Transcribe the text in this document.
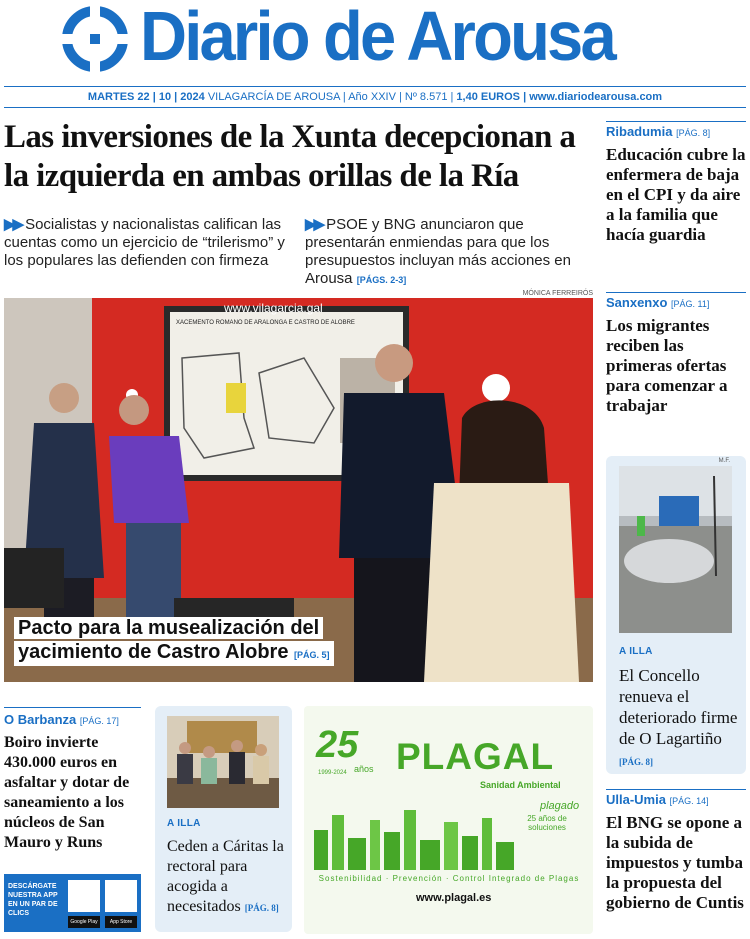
Diario de Arousa
MARTES 22 | 10 | 2024 VILAGARCÍA DE AROUSA | Año XXIV | Nº 8.571 | 1,40 EUROS | www.diariodearousa.com
Las inversiones de la Xunta decepcionan a la izquierda en ambas orillas de la Ría
▶▶ Socialistas y nacionalistas califican las cuentas como un ejercicio de “trilerismo” y los populares las defienden con firmeza
▶▶ PSOE y BNG anunciaron que presentarán enmiendas para que los presupuestos incluyan más acciones en Arousa [PÁGS. 2-3]
MÓNICA FERREIRÓS
www.vilagarcia.gal
XACEMENTO ROMANO DE ARALONGA E CASTRO DE ALOBRE
Pacto para la musealización del
yacimiento de Castro Alobre [PÁG. 5]
Ribadumia [PÁG. 8]
Educación cubre la enfermera de baja en el CPI y da aire a la familia que hacía guardia
Sanxenxo [PÁG. 11]
Los migrantes reciben las primeras ofertas para comenzar a trabajar
M.F.
A ILLA
El Concello renueva el deteriorado firme de O Lagartiño [PÁG. 8]
Ulla-Umia [PÁG. 14]
El BNG se opone a la subida de impuestos y tumba la propuesta del gobierno de Cuntis
O Barbanza [PÁG. 17]
Boiro invierte 430.000 euros en asfaltar y dotar de saneamiento a los núcleos de San Mauro y Runs
A ILLA
Ceden a Cáritas la rectoral para acogida a necesitados [PÁG. 8]
25
años
1999-2024 PLAGAL
Sanidad Ambiental
25 años de soluciones
plagado
Sostenibilidad · Prevención · Control Integrado de Plagas
www.plagal.es
DESCÁRGATE NUESTRA APP EN UN PAR DE CLICS
Google Play	App Store
